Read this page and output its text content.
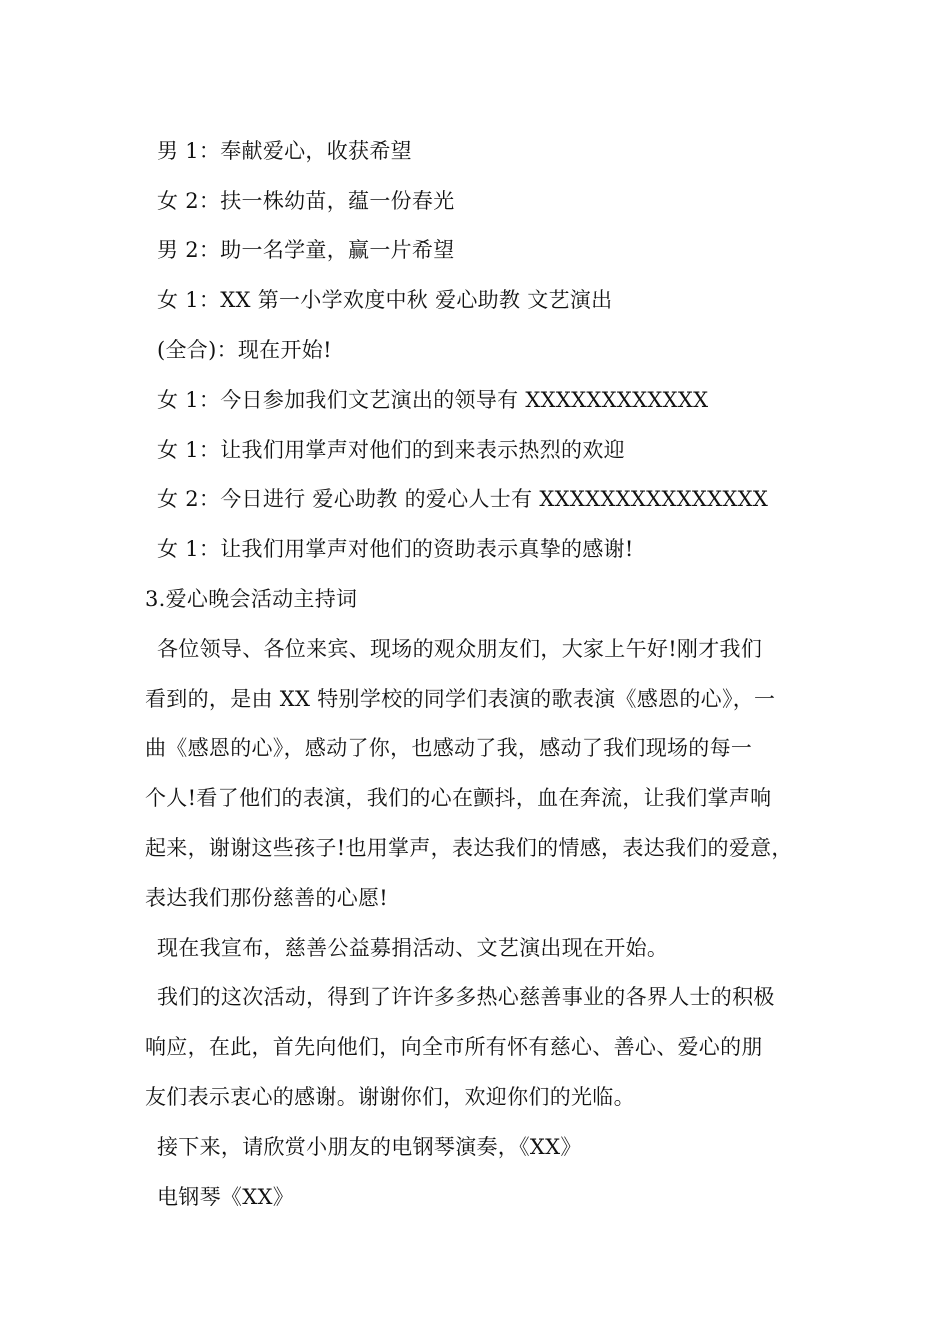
男 1：奉献爱心，收获希望
女 2：扶一株幼苗，蕴一份春光
男 2：助一名学童，赢一片希望
女 1：XX 第一小学欢度中秋 爱心助教 文艺演出
(全合)：现在开始!
女 1：今日参加我们文艺演出的领导有 XXXXXXXXXXXX
女 1：让我们用掌声对他们的到来表示热烈的欢迎
女 2：今日进行 爱心助教 的爱心人士有 XXXXXXXXXXXXXXX
女 1：让我们用掌声对他们的资助表示真挚的感谢!
3.爱心晚会活动主持词
各位领导、各位来宾、现场的观众朋友们，大家上午好!刚才我们
看到的，是由 XX 特别学校的同学们表演的歌表演《感恩的心》，一
曲《感恩的心》，感动了你，也感动了我，感动了我们现场的每一
个人!看了他们的表演，我们的心在颤抖，血在奔流，让我们掌声响
起来，谢谢这些孩子!也用掌声，表达我们的情感，表达我们的爱意，
表达我们那份慈善的心愿!
现在我宣布，慈善公益募捐活动、文艺演出现在开始。
我们的这次活动，得到了许许多多热心慈善事业的各界人士的积极
响应，在此，首先向他们，向全市所有怀有慈心、善心、爱心的朋
友们表示衷心的感谢。谢谢你们，欢迎你们的光临。
接下来，请欣赏小朋友的电钢琴演奏，《XX》
电钢琴《XX》
